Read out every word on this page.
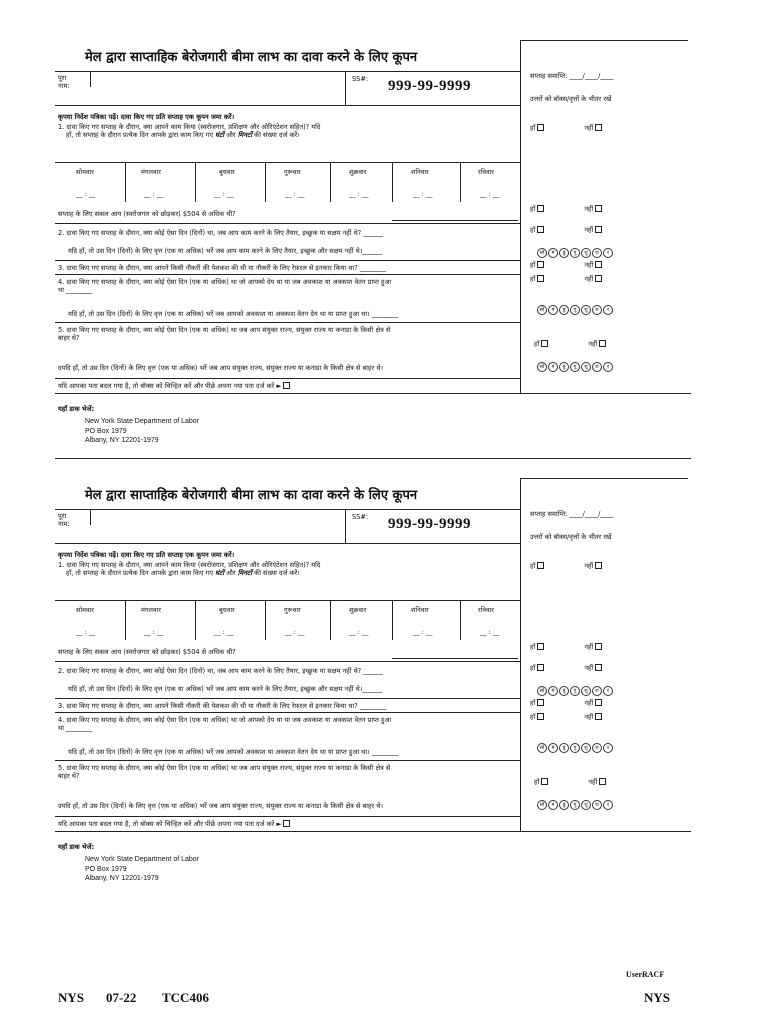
मेल द्वारा साप्ताहिक बेरोजगारी बीमा लाभ का दावा करने के लिए कूपन
पूरा
नाम:
SS#: 999-99-9999
सप्ताह समाप्ति: ____/____/____
उत्तरों को बॉक्स/वृत्तों के भीतर रखें
कृपया निर्देश पत्रिका पढ़ें। दावा किए गए प्रति सप्ताह एक कूपन जमा करें।
1. दावा किए गए सप्ताह के दौरान, क्या आपने काम किया (स्वरोजगार, प्रशिक्षण और ओरिएंटेशन सहित)? यदि
हाँ, तो सप्ताह के दौरान प्रत्येक दिन आपके द्वारा काम किए गए घंटों और मिनटों की संख्या दर्ज करें।
हाँ	नहीं
सोमवार	मंगलवार	बुधवार	गुरूवार	शुक्रवार	शनिवार	रविवार
__ : __	__ : __	__ : __	__ : __	__ : __	__ : __	__ : __
सप्ताह के लिए सकल आय (स्वरोजगार को छोड़कर) $504 से अधिक थी?
हाँ	नहीं
2. दावा किए गए सप्ताह के दौरान, क्या कोई ऐसा दिन (दिनों) था, जब आप काम करने के लिए तैयार, इच्छुक या सक्षम नहीं थे? ______	हाँ	नहीं
यदि हाँ, तो उस दिन (दिनों) के लिए वृत्त (एक या अधिक) भरें जब आप काम करने के लिए तैयार, इच्छुक और सक्षम नहीं थे।______	सो	मं	बु	गु	शु	श	र
3. दावा किए गए सप्ताह के दौरान, क्या आपने किसी नौकरी की पेशकश की थी या नौकरी के लिए रेफ़रल से इनकार किया था? ________	हाँ	नहीं
4. दावा किए गए सप्ताह के दौरान, क्या कोई ऐसा दिन (एक या अधिक) था जो आपको देय था या जब अवकाश या अवकाश वेतन प्राप्त हुआ
था ________
हाँ	नहीं
यदि हाँ, तो उस दिन (दिनों) के लिए वृत्त (एक या अधिक) भरें जब आपको अवकाश या अवकाश वेतन देय था या प्राप्त हुआ था। ________	सो	मं	बु	गु	शु	श	र
5. दावा किए गए सप्ताह के दौरान, क्या कोई ऐसा दिन (एक या अधिक) था जब आप संयुक्त राज्य, संयुक्त राज्य या कनाडा के किसी क्षेत्र से
बाहर थे?
हाँ	नहीं
दयदि हाँ, तो उस दिन (दिनों) के लिए वृत्त (एक या अधिक) भरें जब आप संयुक्त राज्य, संयुक्त राज्य या कनाडा के किसी क्षेत्र से बाहर थे।	सो	मं	बु	गु	शु	श	र
यदि आपका पता बदल गया है, तो बॉक्स को चिन्हित करें और पीछे अपना नया पता दर्ज करें ►
यहाँ डाक भेजें:
New York State Department of Labor
PO Box 1979
Albany, NY 12201-1979
मेल द्वारा साप्ताहिक बेरोजगारी बीमा लाभ का दावा करने के लिए कूपन
पूरा
नाम:
SS#: 999-99-9999
सप्ताह समाप्ति: ____/____/____
उत्तरों को बॉक्स/वृत्तों के भीतर रखें
कृपया निर्देश पत्रिका पढ़ें। दावा किए गए प्रति सप्ताह एक कूपन जमा करें।
1. दावा किए गए सप्ताह के दौरान, क्या आपने काम किया (स्वरोजगार, प्रशिक्षण और ओरिएंटेशन सहित)? यदि
हाँ, तो सप्ताह के दौरान प्रत्येक दिन आपके द्वारा काम किए गए घंटों और मिनटों की संख्या दर्ज करें।
हाँ	नहीं
सोमवार	मंगलवार	बुधवार	गुरूवार	शुक्रवार	शनिवार	रविवार
__ : __	__ : __	__ : __	__ : __	__ : __	__ : __	__ : __
सप्ताह के लिए सकल आय (स्वरोजगार को छोड़कर) $504 से अधिक थी?
हाँ	नहीं
2. दावा किए गए सप्ताह के दौरान, क्या कोई ऐसा दिन (दिनों) था, जब आप काम करने के लिए तैयार, इच्छुक या सक्षम नहीं थे? ______	हाँ	नहीं
यदि हाँ, तो उस दिन (दिनों) के लिए वृत्त (एक या अधिक) भरें जब आप काम करने के लिए तैयार, इच्छुक और सक्षम नहीं थे।______	सो	मं	बु	गु	शु	श	र
3. दावा किए गए सप्ताह के दौरान, क्या आपने किसी नौकरी की पेशकश की थी या नौकरी के लिए रेफ़रल से इनकार किया था? ________	हाँ	नहीं
4. दावा किए गए सप्ताह के दौरान, क्या कोई ऐसा दिन (एक या अधिक) था जो आपको देय था या जब अवकाश या अवकाश वेतन प्राप्त हुआ
था ________
हाँ	नहीं
यदि हाँ, तो उस दिन (दिनों) के लिए वृत्त (एक या अधिक) भरें जब आपको अवकाश या अवकाश वेतन देय था या प्राप्त हुआ था। ________	सो	मं	बु	गु	शु	श	र
5. दावा किए गए सप्ताह के दौरान, क्या कोई ऐसा दिन (एक या अधिक) था जब आप संयुक्त राज्य, संयुक्त राज्य या कनाडा के किसी क्षेत्र से
बाहर थे?
हाँ	नहीं
दयदि हाँ, तो उस दिन (दिनों) के लिए वृत्त (एक या अधिक) भरें जब आप संयुक्त राज्य, संयुक्त राज्य या कनाडा के किसी क्षेत्र से बाहर थे।	सो	मं	बु	गु	शु	श	र
यदि आपका पता बदल गया है, तो बॉक्स को चिन्हित करें और पीछे अपना नया पता दर्ज करें ►
यहाँ डाक भेजें:
New York State Department of Labor
PO Box 1979
Albany, NY 12201-1979
UserRACF
NYS 07-22 TCC406	NYS
